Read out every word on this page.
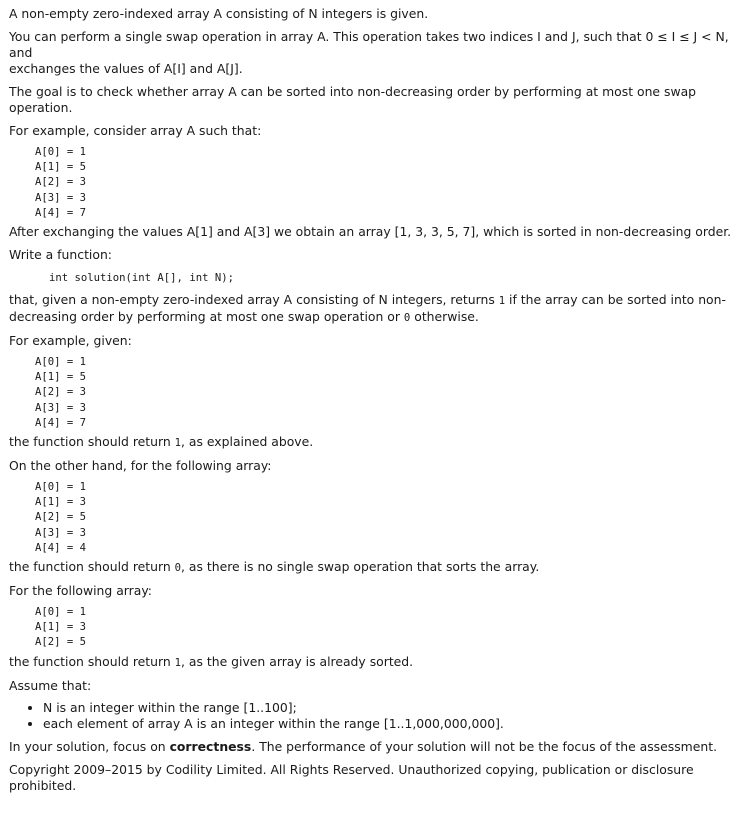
A non-empty zero-indexed array A consisting of N integers is given.

You can perform a single swap operation in array A. This operation takes two indices I and J, such that 0 ≤ I ≤ J < N, and
exchanges the values of A[I] and A[J].

The goal is to check whether array A can be sorted into non-decreasing order by performing at most one swap operation.

For example, consider array A such that:

A[0] = 1
A[1] = 5
A[2] = 3
A[3] = 3
A[4] = 7

After exchanging the values A[1] and A[3] we obtain an array [1, 3, 3, 5, 7], which is sorted in non-decreasing order.

Write a function:

int solution(int A[], int N);

that, given a non-empty zero-indexed array A consisting of N integers, returns 1 if the array can be sorted into non-
decreasing order by performing at most one swap operation or 0 otherwise.

For example, given:

A[0] = 1
A[1] = 5
A[2] = 3
A[3] = 3
A[4] = 7

the function should return 1, as explained above.

On the other hand, for the following array:

A[0] = 1
A[1] = 3
A[2] = 5
A[3] = 3
A[4] = 4

the function should return 0, as there is no single swap operation that sorts the array.

For the following array:

A[0] = 1
A[1] = 3
A[2] = 5

the function should return 1, as the given array is already sorted.

Assume that:

• N is an integer within the range [1..100];
• each element of array A is an integer within the range [1..1,000,000,000].

In your solution, focus on correctness. The performance of your solution will not be the focus of the assessment.

Copyright 2009–2015 by Codility Limited. All Rights Reserved. Unauthorized copying, publication or disclosure prohibited.
